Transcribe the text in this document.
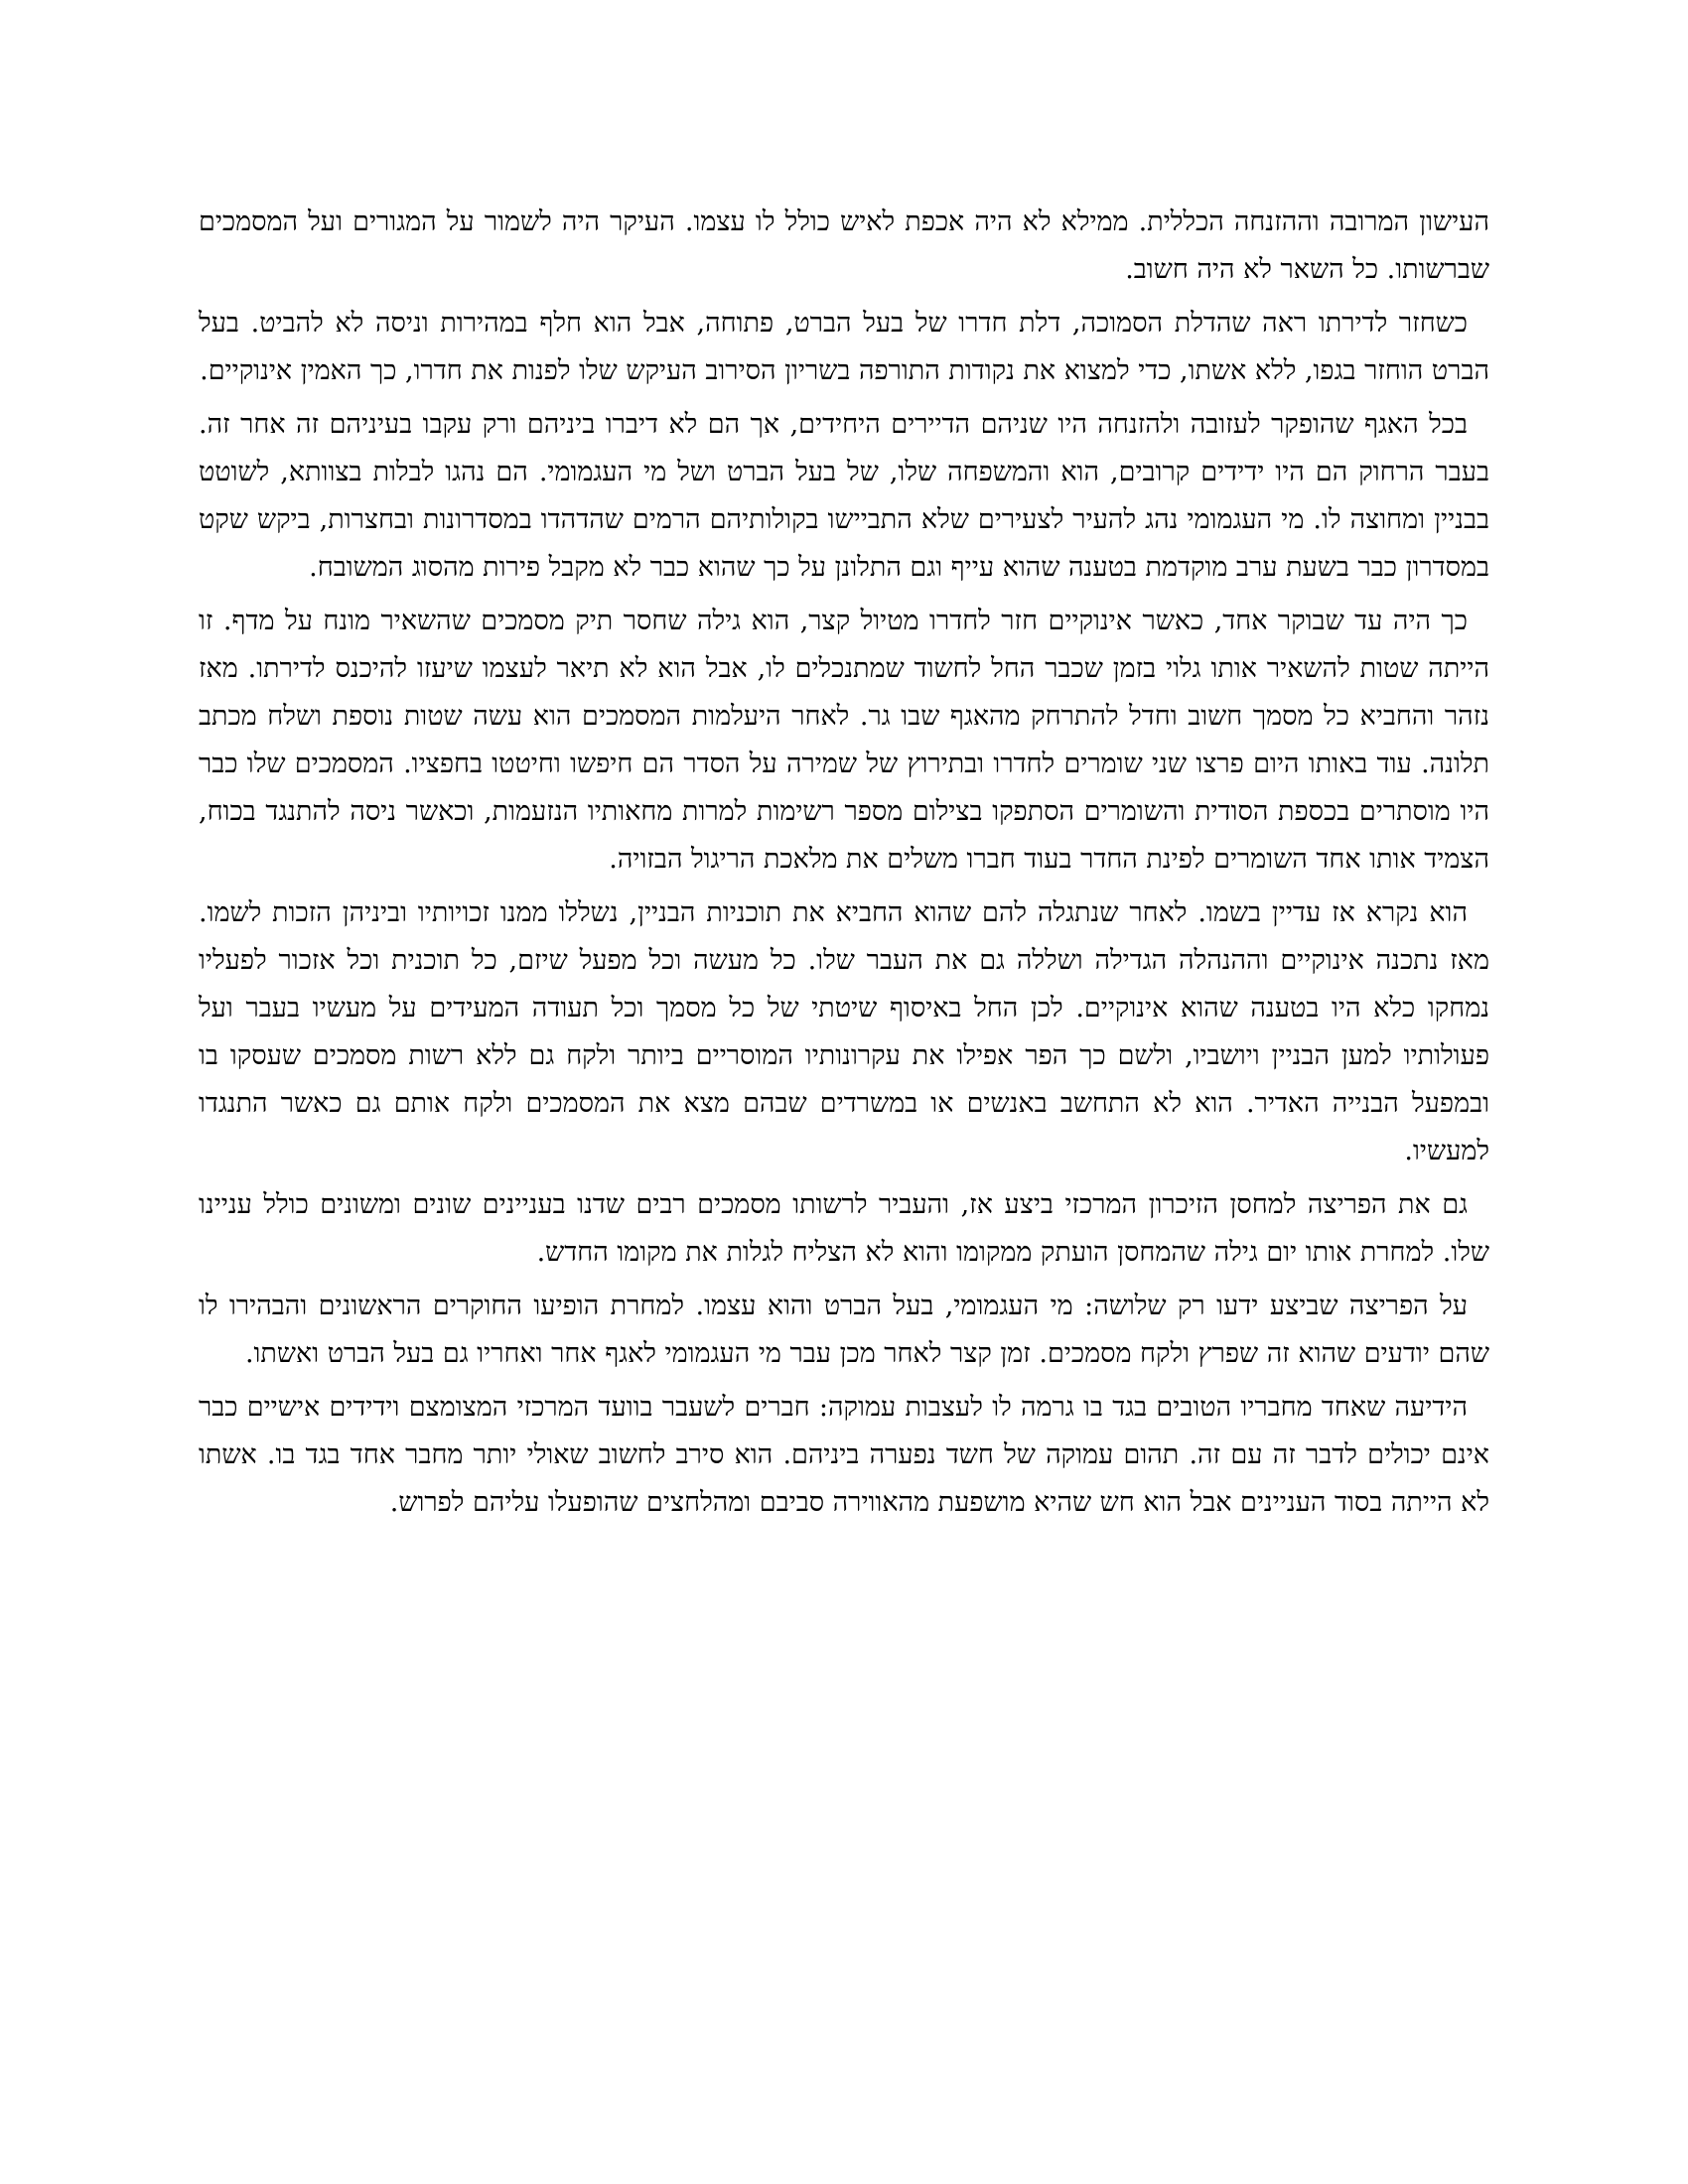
העישון המרובה וההזנחה הכללית. ממילא לא היה אכפת לאיש כולל לו עצמו. העיקר היה לשמור על המגורים ועל המסמכים שברשותו. כל השאר לא היה חשוב.

כשחזר לדירתו ראה שהדלת הסמוכה, דלת חדרו של בעל הברט, פתוחה, אבל הוא חלף במהירות וניסה לא להביט. בעל הברט הוחזר בגפו, ללא אשתו, כדי למצוא את נקודות התורפה בשריון הסירוב העיקש שלו לפנות את חדרו, כך האמין אינוקיים.

בכל האגף שהופקר לעזובה ולהזנחה היו שניהם הדיירים היחידים, אך הם לא דיברו ביניהם ורק עקבו בעיניהם זה אחר זה. בעבר הרחוק הם היו ידידים קרובים, הוא והמשפחה שלו, של בעל הברט ושל מי העגמומי. הם נהגו לבלות בצוותא, לשוטט בבניין ומחוצה לו. מי העגמומי נהג להעיר לצעירים שלא התביישו בקולותיהם הרמים שהדהדו במסדרונות ובחצרות, ביקש שקט במסדרון כבר בשעת ערב מוקדמת בטענה שהוא עייף וגם התלונן על כך שהוא כבר לא מקבל פירות מהסוג המשובח.

כך היה עד שבוקר אחד, כאשר אינוקיים חזר לחדרו מטיול קצר, הוא גילה שחסר תיק מסמכים שהשאיר מונח על מדף. זו הייתה שטות להשאיר אותו גלוי בזמן שכבר החל לחשוד שמתנכלים לו, אבל הוא לא תיאר לעצמו שיעזו להיכנס לדירתו. מאז נזהר והחביא כל מסמך חשוב וחדל להתרחק מהאגף שבו גר. לאחר היעלמות המסמכים הוא עשה שטות נוספת ושלח מכתב תלונה. עוד באותו היום פרצו שני שומרים לחדרו ובתירוץ של שמירה על הסדר הם חיפשו וחיטטו בחפציו. המסמכים שלו כבר היו מוסתרים בכספת הסודית והשומרים הסתפקו בצילום מספר רשימות למרות מחאותיו הנזעמות, וכאשר ניסה להתנגד בכוח, הצמיד אותו אחד השומרים לפינת החדר בעוד חברו משלים את מלאכת הריגול הבזויה.

הוא נקרא אז עדיין בשמו. לאחר שנתגלה להם שהוא החביא את תוכניות הבניין, נשללו ממנו זכויותיו וביניהן הזכות לשמו. מאז נתכנה אינוקיים וההנהלה הגדילה ושללה גם את העבר שלו. כל מעשה וכל מפעל שיזם, כל תוכנית וכל אזכור לפעליו נמחקו כלא היו בטענה שהוא אינוקיים. לכן החל באיסוף שיטתי של כל מסמך וכל תעודה המעידים על מעשיו בעבר ועל פעולותיו למען הבניין ויושביו, ולשם כך הפר אפילו את עקרונותיו המוסריים ביותר ולקח גם ללא רשות מסמכים שעסקו בו ובמפעל הבנייה האדיר. הוא לא התחשב באנשים או במשרדים שבהם מצא את המסמכים ולקח אותם גם כאשר התנגדו למעשיו.

גם את הפריצה למחסן הזיכרון המרכזי ביצע אז, והעביר לרשותו מסמכים רבים שדנו בעניינים שונים ומשונים כולל עניינו שלו. למחרת אותו יום גילה שהמחסן הועתק ממקומו והוא לא הצליח לגלות את מקומו החדש.

על הפריצה שביצע ידעו רק שלושה: מי העגמומי, בעל הברט והוא עצמו. למחרת הופיעו החוקרים הראשונים והבהירו לו שהם יודעים שהוא זה שפרץ ולקח מסמכים. זמן קצר לאחר מכן עבר מי העגמומי לאגף אחר ואחריו גם בעל הברט ואשתו.

הידיעה שאחד מחבריו הטובים בגד בו גרמה לו לעצבות עמוקה: חברים לשעבר בוועד המרכזי המצומצם וידידים אישיים כבר אינם יכולים לדבר זה עם זה. תהום עמוקה של חשד נפערה ביניהם. הוא סירב לחשוב שאולי יותר מחבר אחד בגד בו. אשתו לא הייתה בסוד העניינים אבל הוא חש שהיא מושפעת מהאווירה סביבם ומהלחצים שהופעלו עליהם לפרוש.
